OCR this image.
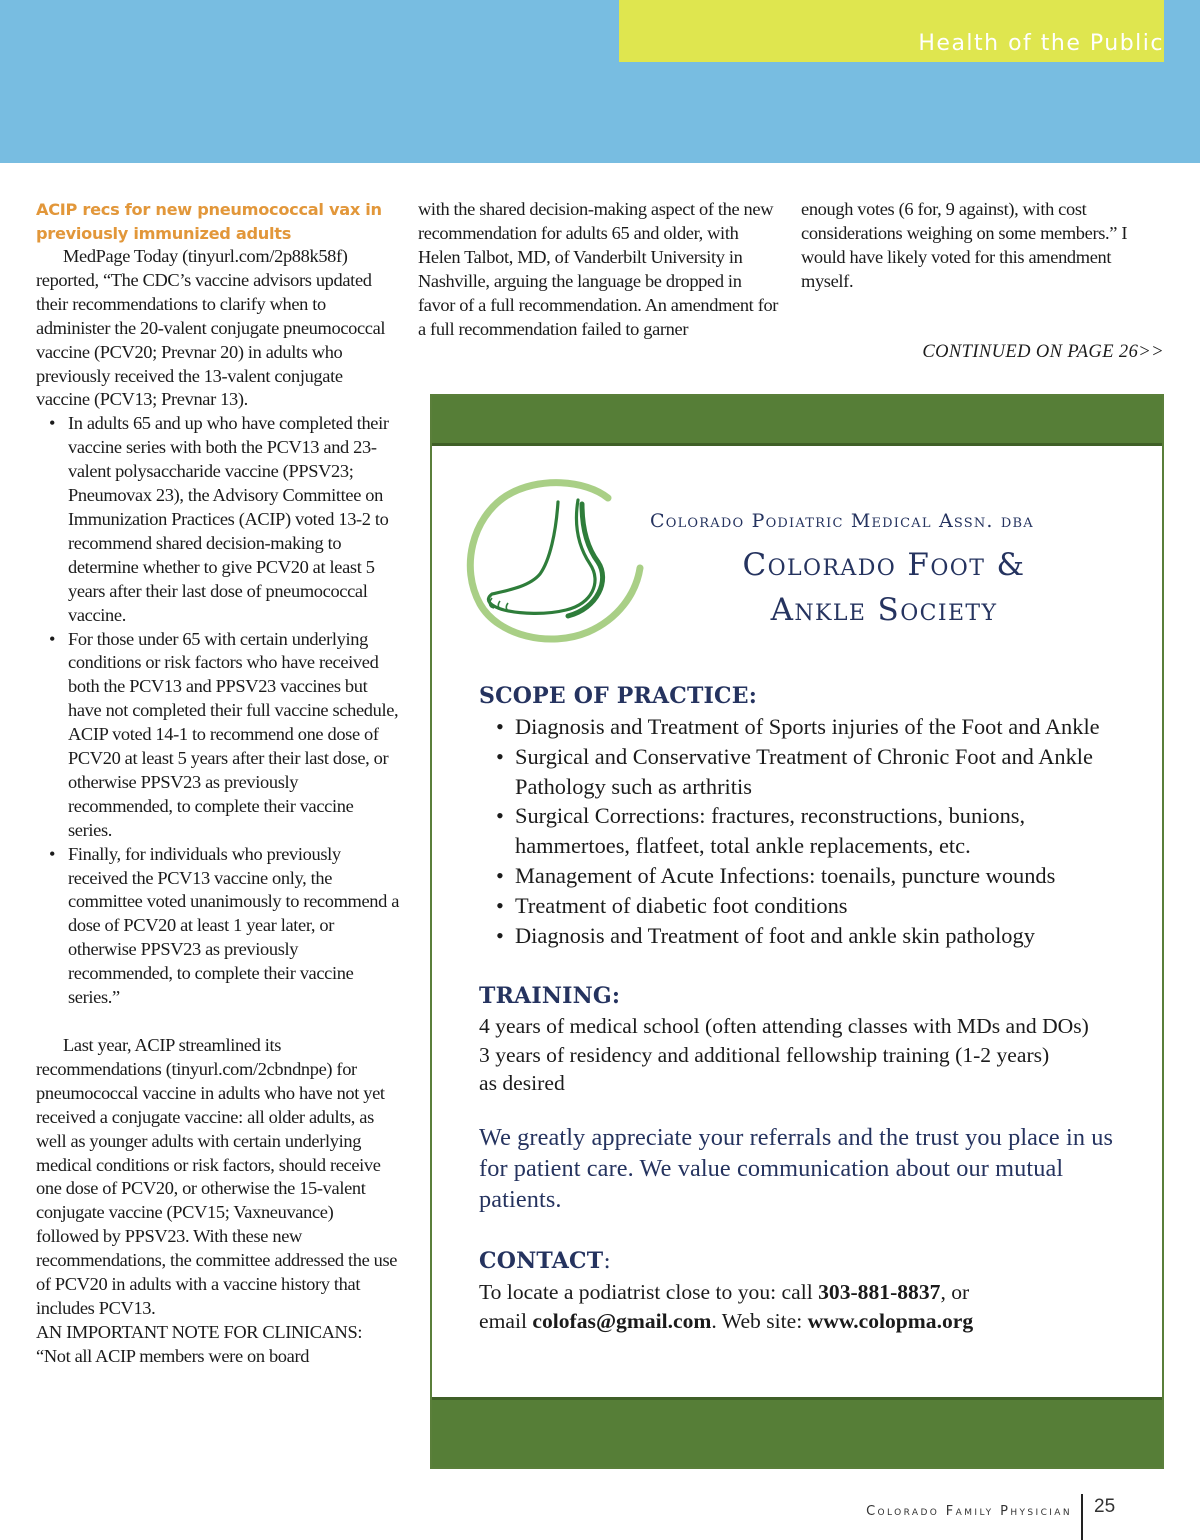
Health of the Public
ACIP recs for new pneumococcal vax in previously immunized adults

MedPage Today (tinyurl.com/2p88k58f) reported, “The CDC’s vaccine advisors updated their recommendations to clarify when to administer the 20-valent conjugate pneumococcal vaccine (PCV20; Prevnar 20) in adults who previously received the 13-valent conjugate vaccine (PCV13; Prevnar 13).

• In adults 65 and up who have completed their vaccine series with both the PCV13 and 23-valent polysaccharide vaccine (PPSV23; Pneumovax 23), the Advisory Committee on Immunization Practices (ACIP) voted 13-2 to recommend shared decision-making to determine whether to give PCV20 at least 5 years after their last dose of pneumococcal vaccine.
• For those under 65 with certain underlying conditions or risk factors who have received both the PCV13 and PPSV23 vaccines but have not completed their full vaccine schedule, ACIP voted 14-1 to recommend one dose of PCV20 at least 5 years after their last dose, or otherwise PPSV23 as previously recommended, to complete their vaccine series.
• Finally, for individuals who previously received the PCV13 vaccine only, the committee voted unanimously to recommend a dose of PCV20 at least 1 year later, or otherwise PPSV23 as previously recommended, to complete their vaccine series.”

Last year, ACIP streamlined its recommendations (tinyurl.com/2cbndnpe) for pneumococcal vaccine in adults who have not yet received a conjugate vaccine: all older adults, as well as younger adults with certain underlying medical conditions or risk factors, should receive one dose of PCV20, or otherwise the 15-valent conjugate vaccine (PCV15; Vaxneuvance) followed by PPSV23. With these new recommendations, the committee addressed the use of PCV20 in adults with a vaccine history that includes PCV13.

AN IMPORTANT NOTE FOR CLINICANS: “Not all ACIP members were on board

with the shared decision-making aspect of the new recommendation for adults 65 and older, with Helen Talbot, MD, of Vanderbilt University in Nashville, arguing the language be dropped in favor of a full recommendation. An amendment for a full recommendation failed to garner

enough votes (6 for, 9 against), with cost considerations weighing on some members.” I would have likely voted for this amendment myself.

CONTINUED ON PAGE 26>>
Colorado Podiatric Medical Assn. dba
Colorado Foot &
Ankle Society
SCOPE OF PRACTICE:
• Diagnosis and Treatment of Sports injuries of the Foot and Ankle
• Surgical and Conservative Treatment of Chronic Foot and Ankle Pathology such as arthritis
• Surgical Corrections: fractures, reconstructions, bunions, hammertoes, flatfeet, total ankle replacements, etc.
• Management of Acute Infections: toenails, puncture wounds
• Treatment of diabetic foot conditions
• Diagnosis and Treatment of foot and ankle skin pathology
TRAINING:
4 years of medical school (often attending classes with MDs and DOs)
3 years of residency and additional fellowship training (1-2 years)
as desired
We greatly appreciate your referrals and the trust you place in us for patient care. We value communication about our mutual patients.
CONTACT:
To locate a podiatrist close to you: call 303-881-8837, or
email colofas@gmail.com. Web site: www.colopma.org
Colorado Family Physician 25
